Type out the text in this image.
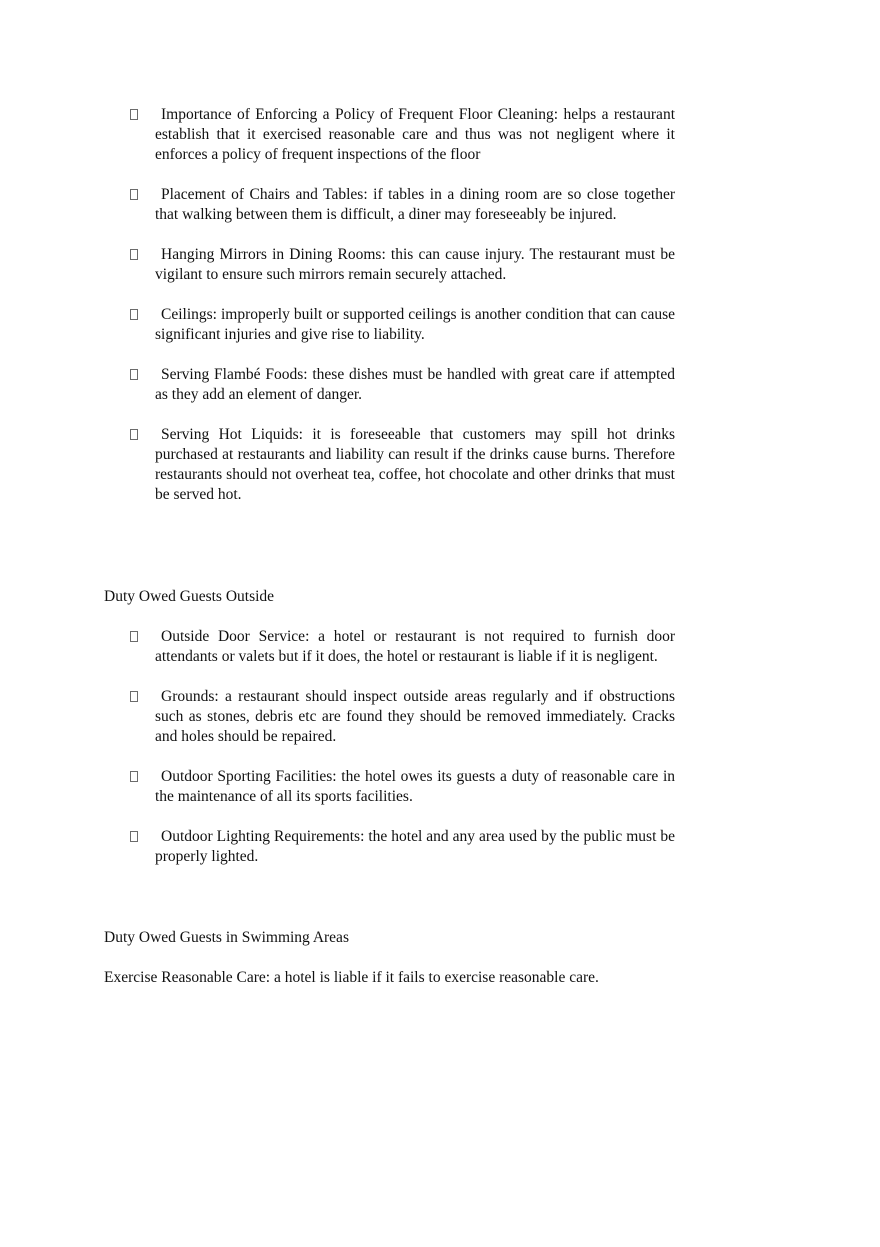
Importance of Enforcing a Policy of Frequent Floor Cleaning: helps a restaurant establish that it exercised reasonable care and thus was not negligent where it enforces a policy of frequent inspections of the floor
Placement of Chairs and Tables: if tables in a dining room are so close together that walking between them is difficult, a diner may foreseeably be injured.
Hanging Mirrors in Dining Rooms: this can cause injury. The restaurant must be vigilant to ensure such mirrors remain securely attached.
Ceilings: improperly built or supported ceilings is another condition that can cause significant injuries and give rise to liability.
Serving Flambé Foods: these dishes must be handled with great care if attempted as they add an element of danger.
Serving Hot Liquids: it is foreseeable that customers may spill hot drinks purchased at restaurants and liability can result if the drinks cause burns. Therefore restaurants should not overheat tea, coffee, hot chocolate and other drinks that must be served hot.
Duty Owed Guests Outside
Outside Door Service: a hotel or restaurant is not required to furnish door attendants or valets but if it does, the hotel or restaurant is liable if it is negligent.
Grounds: a restaurant should inspect outside areas regularly and if obstructions such as stones, debris etc are found they should be removed immediately. Cracks and holes should be repaired.
Outdoor Sporting Facilities: the hotel owes its guests a duty of reasonable care in the maintenance of all its sports facilities.
Outdoor Lighting Requirements: the hotel and any area used by the public must be properly lighted.
Duty Owed Guests in Swimming Areas

Exercise Reasonable Care: a hotel is liable if it fails to exercise reasonable care.
